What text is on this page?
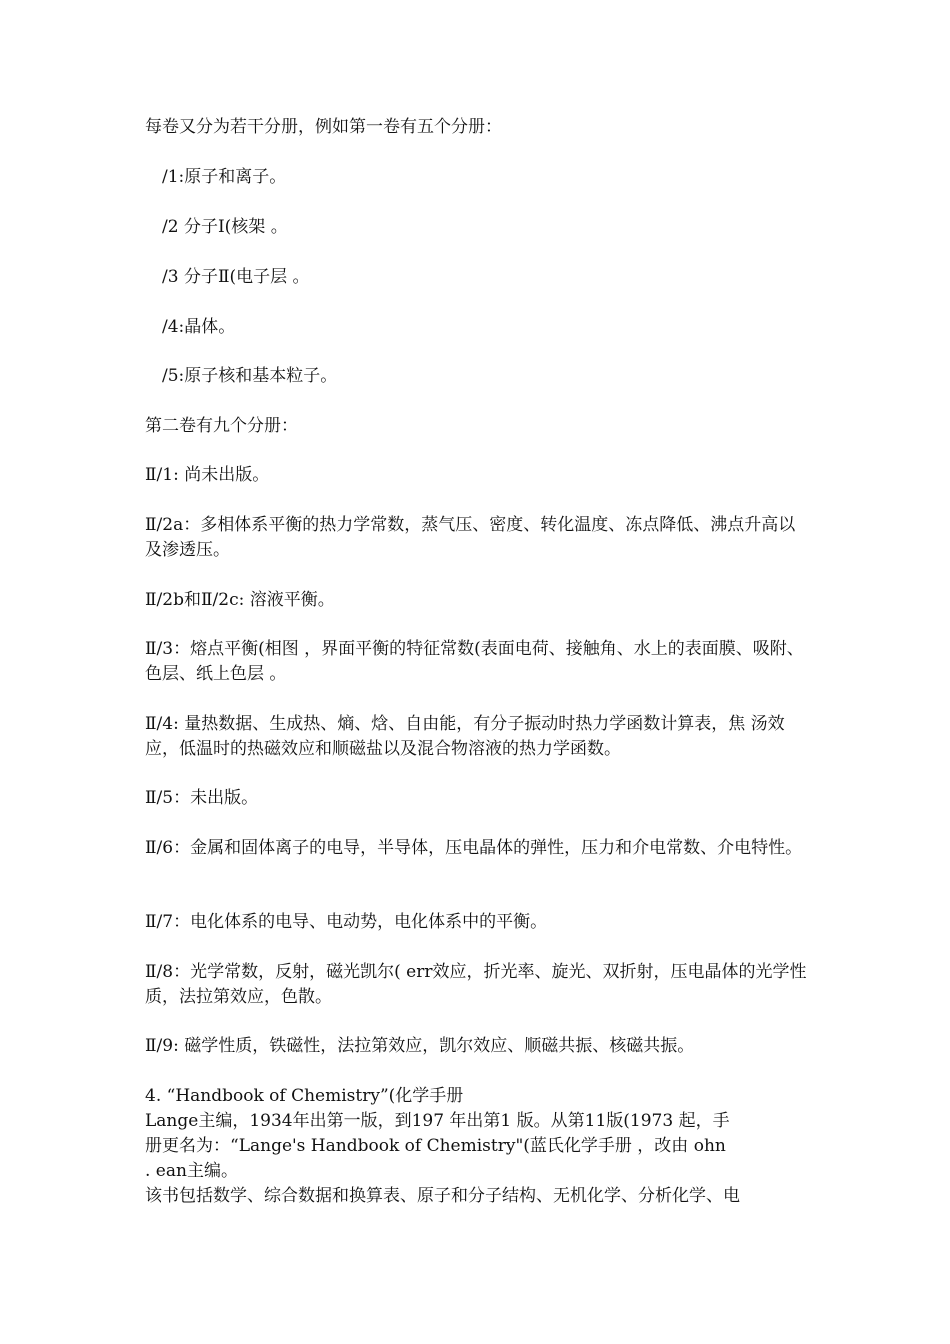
每卷又分为若干分册，例如第一卷有五个分册：
/1:原子和离子。
/2 分子Ⅰ(核架 。
/3 分子Ⅱ(电子层 。
/4:晶体。
/5:原子核和基本粒子。
第二卷有九个分册：
Ⅱ/1: 尚未出版。
Ⅱ/2a：多相体系平衡的热力学常数，蒸气压、密度、转化温度、冻点降低、沸点升高以及渗透压。
Ⅱ/2b和Ⅱ/2c: 溶液平衡。
Ⅱ/3：熔点平衡(相图 ，界面平衡的特征常数(表面电荷、接触角、水上的表面膜、吸附、色层、纸上色层 。
Ⅱ/4: 量热数据、生成热、熵、焓、自由能，有分子振动时热力学函数计算表，焦 汤效应，低温时的热磁效应和顺磁盐以及混合物溶液的热力学函数。
Ⅱ/5：未出版。
Ⅱ/6：金属和固体离子的电导，半导体，压电晶体的弹性，压力和介电常数、介电特性。
Ⅱ/7：电化体系的电导、电动势，电化体系中的平衡。
Ⅱ/8：光学常数，反射，磁光凯尔( err效应，折光率、旋光、双折射，压电晶体的光学性质，法拉第效应，色散。
Ⅱ/9: 磁学性质，铁磁性，法拉第效应，凯尔效应、顺磁共振、核磁共振。
4. “Handbook of Chemistry”(化学手册
Lange主编，1934年出第一版，到197 年出第1 版。从第11版(1973 起，手
册更名为：“Lange's Handbook of Chemistry"(蓝氏化学手册 ，改由 ohn
. ean主编。
该书包括数学、综合数据和换算表、原子和分子结构、无机化学、分析化学、电
